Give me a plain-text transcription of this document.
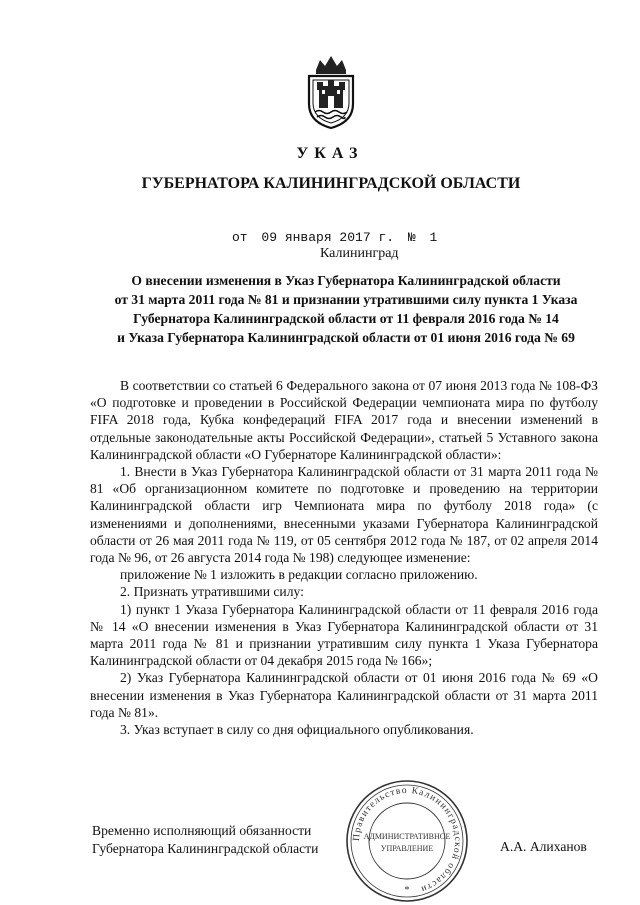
УКАЗ
ГУБЕРНАТОРА КАЛИНИНГРАДСКОЙ ОБЛАСТИ
от 09 января 2017 г. № 1
Калининград
О внесении изменения в Указ Губернатора Калининградской области
от 31 марта 2011 года № 81 и признании утратившими силу пункта 1 Указа
Губернатора Калининградской области от 11 февраля 2016 года № 14
и Указа Губернатора Калининградской области от 01 июня 2016 года № 69

В соответствии со статьей 6 Федерального закона от 07 июня 2013 года № 108-ФЗ «О подготовке и проведении в Российской Федерации чемпионата мира по футболу FIFA 2018 года, Кубка конфедераций FIFA 2017 года и внесении изменений в отдельные законодательные акты Российской Федерации», статьей 5 Уставного закона Калининградской области «О Губернаторе Калининградской области»:

1. Внести в Указ Губернатора Калининградской области от 31 марта 2011 года № 81 «Об организационном комитете по подготовке и проведению на территории Калининградской области игр Чемпионата мира по футболу 2018 года» (с изменениями и дополнениями, внесенными указами Губернатора Калининградской области от 26 мая 2011 года № 119, от 05 сентября 2012 года № 187, от 02 апреля 2014 года № 96, от 26 августа 2014 года № 198) следующее изменение:

приложение № 1 изложить в редакции согласно приложению.

2. Признать утратившими силу:

1) пункт 1 Указа Губернатора Калининградской области от 11 февраля 2016 года № 14 «О внесении изменения в Указ Губернатора Калининградской области от 31 марта 2011 года № 81 и признании утратившим силу пункта 1 Указа Губернатора Калининградской области от 04 декабря 2015 года № 166»;

2) Указ Губернатора Калининградской области от 01 июня 2016 года № 69 «О внесении изменения в Указ Губернатора Калининградской области от 31 марта 2011 года № 81».

3. Указ вступает в силу со дня официального опубликования.

Правительство Калининградской области
АДМИНИСТРАТИВНОЕ
УПРАВЛЕНИЕ
*
Временно исполняющий обязанности
Губернатора Калининградской области	А.А. Алиханов
